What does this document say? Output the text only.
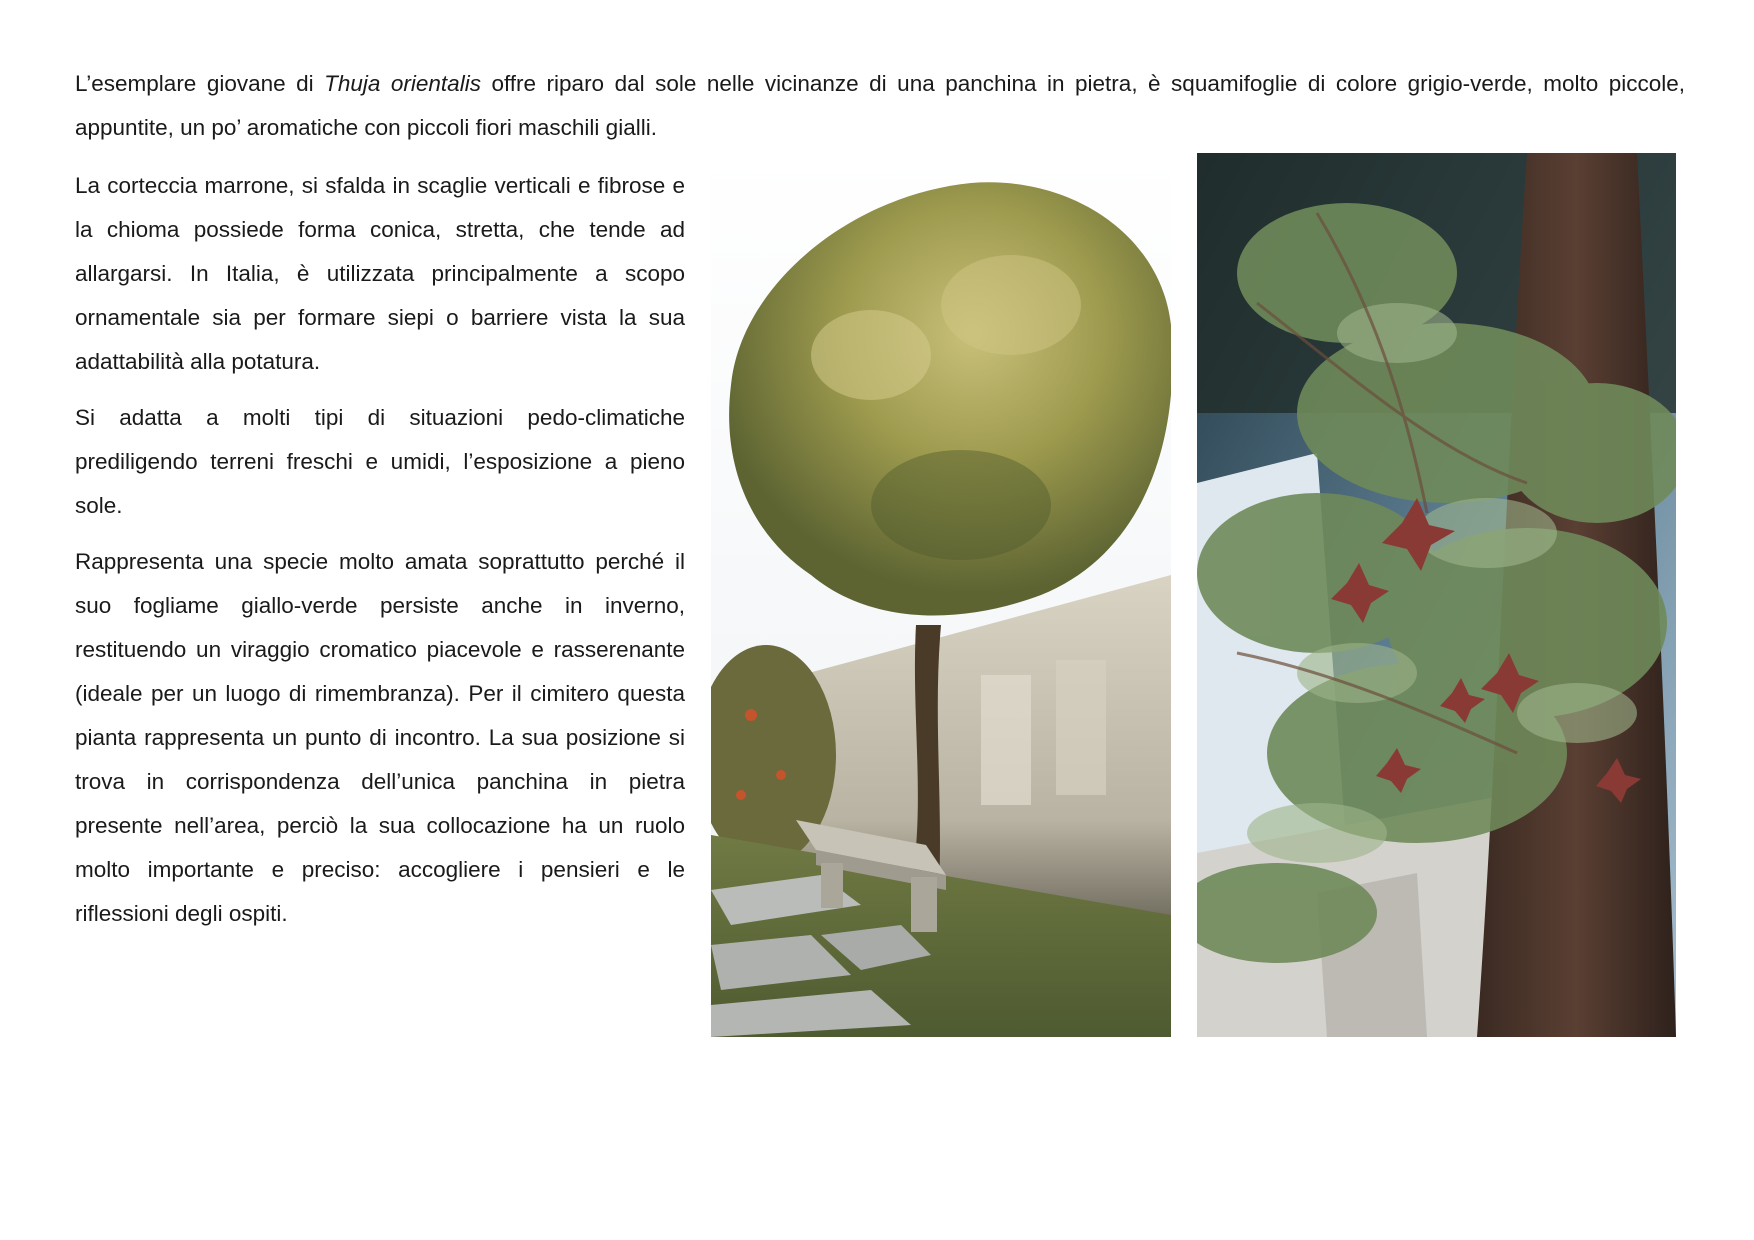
L’esemplare giovane di Thuja orientalis offre riparo dal sole nelle vicinanze di una panchina in pietra, è squamifoglie di colore grigio-verde, molto piccole, appuntite, un po’ aromatiche con piccoli fiori maschili gialli.

La corteccia marrone, si sfalda in scaglie verticali e fibrose e la chioma possiede forma conica, stretta, che tende ad allargarsi. In Italia, è utilizzata principalmente a scopo ornamentale sia per formare siepi o barriere vista la sua adattabilità alla potatura.

Si adatta a molti tipi di situazioni pedo-climatiche prediligendo terreni freschi e umidi, l’esposizione a pieno sole.

Rappresenta una specie molto amata soprattutto perché il suo fogliame giallo-verde persiste anche in inverno, restituendo un viraggio cromatico piacevole e rasserenante (ideale per un luogo di rimembranza). Per il cimitero questa pianta rappresenta un punto di incontro. La sua posizione si trova in corrispondenza dell’unica panchina in pietra presente nell’area, perciò la sua collocazione ha un ruolo molto importante e preciso: accogliere i pensieri e le riflessioni degli ospiti.
